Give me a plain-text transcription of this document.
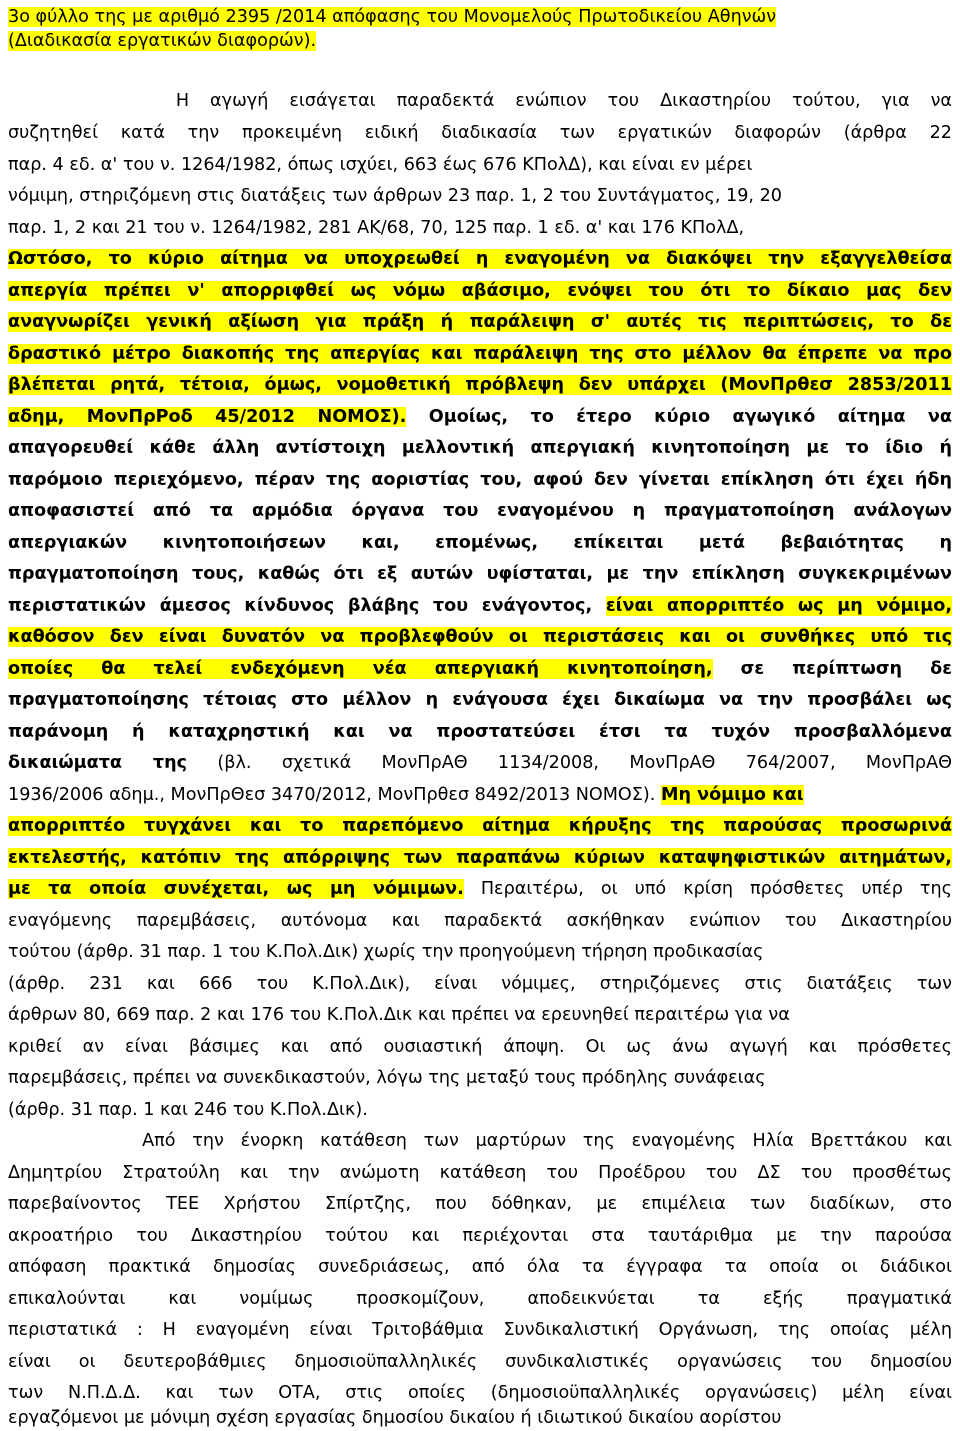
3ο φύλλο της με αριθμό 2395 /2014 απόφασης του Μονομελούς Πρωτοδικείου Αθηνών
(Διαδικασία εργατικών διαφορών).
Η αγωγή εισάγεται παραδεκτά ενώπιον του Δικαστηρίου τούτου, για να
συζητηθεί κατά την προκειμένη ειδική διαδικασία των εργατικών διαφορών (άρθρα 22
παρ. 4 εδ. α' του ν. 1264/1982, όπως ισχύει, 663 έως 676 ΚΠολΔ), και είναι εν μέρει
νόμιμη, στηριζόμενη στις διατάξεις των άρθρων 23 παρ. 1, 2 του Συντάγματος, 19, 20
παρ. 1, 2 και 21 του ν. 1264/1982, 281 ΑΚ/68, 70, 125 παρ. 1 εδ. α' και 176 ΚΠολΔ,
Ωστόσο, το κύριο αίτημα να υποχρεωθεί η εναγομένη να διακόψει την εξαγγελθείσα
απεργία πρέπει ν' απορριφθεί ως νόμω αβάσιμο, ενόψει του ότι το δίκαιο μας δεν
αναγνωρίζει γενική αξίωση για πράξη ή παράλειψη σ' αυτές τις περιπτώσεις, το δε
δραστικό μέτρο διακοπής της απεργίας και παράλειψη της στο μέλλον θα έπρεπε να προ
βλέπεται ρητά, τέτοια, όμως, νομοθετική πρόβλεψη δεν υπάρχει (ΜονΠρθεσ 2853/2011
αδημ, ΜονΠρΡοδ 45/2012 ΝΟΜΟΣ). Ομοίως, το έτερο κύριο αγωγικό αίτημα να
απαγορευθεί κάθε άλλη αντίστοιχη μελλοντική απεργιακή κινητοποίηση με το ίδιο ή
παρόμοιο περιεχόμενο, πέραν της αοριστίας του, αφού δεν γίνεται επίκληση ότι έχει ήδη
αποφασιστεί από τα αρμόδια όργανα του εναγομένου η πραγματοποίηση ανάλογων
απεργιακών κινητοποιήσεων και, επομένως, επίκειται μετά βεβαιότητας η
πραγματοποίηση τους, καθώς ότι εξ αυτών υφίσταται, με την επίκληση συγκεκριμένων
περιστατικών άμεσος κίνδυνος βλάβης του ενάγοντος, είναι απορριπτέο ως μη νόμιμο,
καθόσον δεν είναι δυνατόν να προβλεφθούν οι περιστάσεις και οι συνθήκες υπό τις
οποίες θα τελεί ενδεχόμενη νέα απεργιακή κινητοποίηση, σε περίπτωση δε
πραγματοποίησης τέτοιας στο μέλλον η ενάγουσα έχει δικαίωμα να την προσβάλει ως
παράνομη ή καταχρηστική και να προστατεύσει έτσι τα τυχόν προσβαλλόμενα
δικαιώματα της (βλ. σχετικά ΜονΠρΑΘ 1134/2008, ΜονΠρΑΘ 764/2007, ΜονΠρΑΘ
1936/2006 αδημ., ΜονΠρΘεσ 3470/2012, ΜονΠρθεσ 8492/2013 ΝΟΜΟΣ). Μη νόμιμο και
απορριπτέο τυγχάνει και το παρεπόμενο αίτημα κήρυξης της παρούσας προσωρινά
εκτελεστής, κατόπιν της απόρριψης των παραπάνω κύριων καταψηφιστικών αιτημάτων,
με τα οποία συνέχεται, ως μη νόμιμων. Περαιτέρω, οι υπό κρίση πρόσθετες υπέρ της
εναγόμενης παρεμβάσεις, αυτόνομα και παραδεκτά ασκήθηκαν ενώπιον του Δικαστηρίου
τούτου (άρθρ. 31 παρ. 1 του Κ.Πολ.Δικ) χωρίς την προηγούμενη τήρηση προδικασίας
(άρθρ. 231 και 666 του Κ.Πολ.Δικ), είναι νόμιμες, στηριζόμενες στις διατάξεις των
άρθρων 80, 669 παρ. 2 και 176 του Κ.Πολ.Δικ και πρέπει να ερευνηθεί περαιτέρω για να
κριθεί αν είναι βάσιμες και από ουσιαστική άποψη. Οι ως άνω αγωγή και πρόσθετες
παρεμβάσεις, πρέπει να συνεκδικαστούν, λόγω της μεταξύ τους πρόδηλης συνάφειας
(άρθρ. 31 παρ. 1 και 246 του Κ.Πολ.Δικ).
Από την ένορκη κατάθεση των μαρτύρων της εναγομένης Ηλία Βρεττάκου και
Δημητρίου Στρατούλη και την ανώμοτη κατάθεση του Προέδρου του ΔΣ του προσθέτως
παρεβαίνοντος ΤΕΕ Χρήστου Σπίρτζης, που δόθηκαν, με επιμέλεια των διαδίκων, στο
ακροατήριο του Δικαστηρίου τούτου και περιέχονται στα ταυτάριθμα με την παρούσα
απόφαση πρακτικά δημοσίας συνεδριάσεως, από όλα τα έγγραφα τα οποία οι διάδικοι
επικαλούνται και νομίμως προσκομίζουν, αποδεικνύεται τα εξής πραγματικά
περιστατικά : Η εναγομένη είναι Τριτοβάθμια Συνδικαλιστική Οργάνωση, της οποίας μέλη
είναι οι δευτεροβάθμιες δημοσιοϋπαλληλικές συνδικαλιστικές οργανώσεις του δημοσίου
των Ν.Π.Δ.Δ. και των ΟΤΑ, στις οποίες (δημοσιοϋπαλληλικές οργανώσεις) μέλη είναι
εργαζόμενοι με μόνιμη σχέση εργασίας δημοσίου δικαίου ή ιδιωτικού δικαίου αορίστου
